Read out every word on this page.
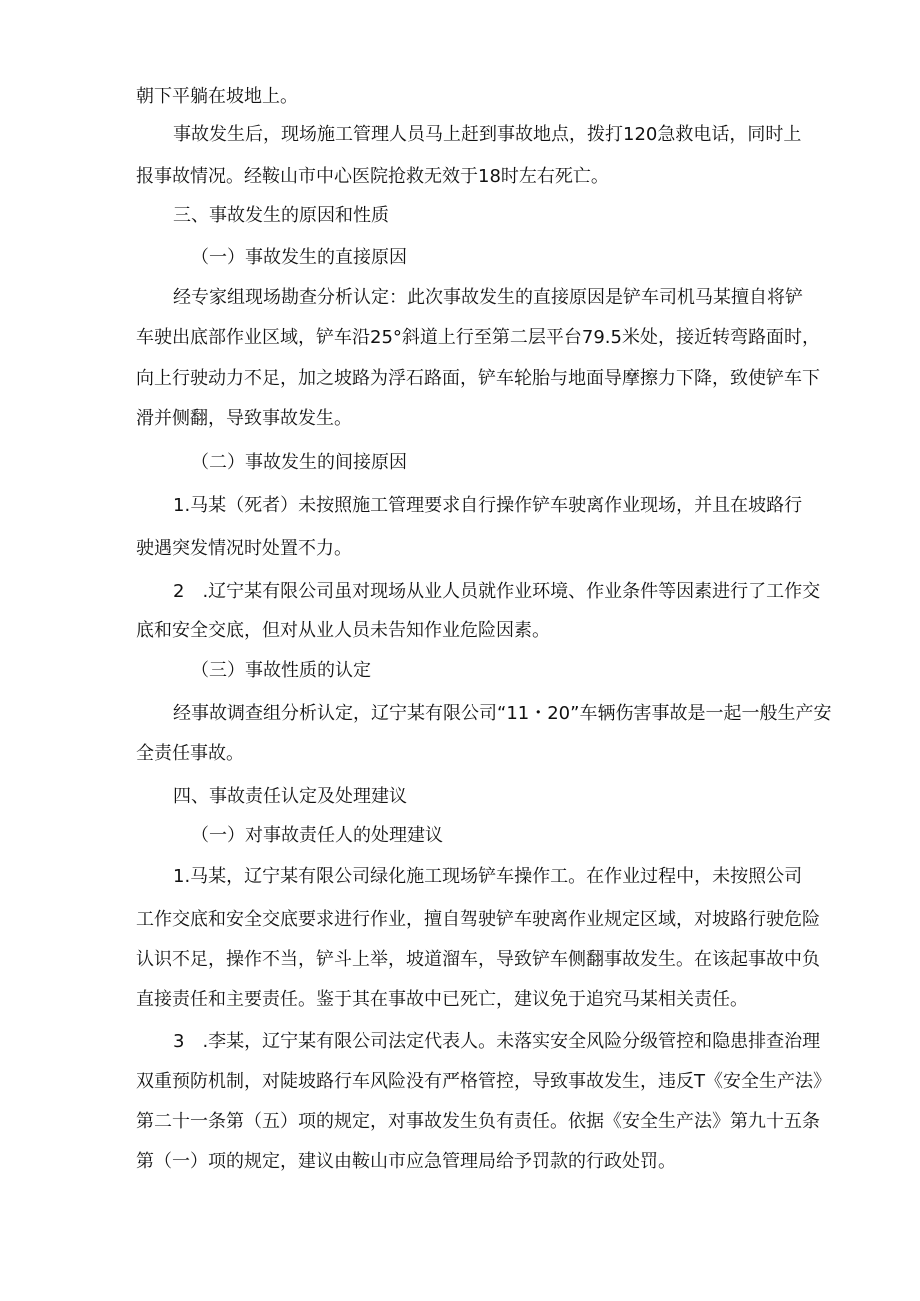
朝下平躺在坡地上。
事故发生后，现场施工管理人员马上赶到事故地点，拨打120急救电话，同时上
报事故情况。经鞍山市中心医院抢救无效于18时左右死亡。
三、事故发生的原因和性质
（一）事故发生的直接原因
经专家组现场勘查分析认定：此次事故发生的直接原因是铲车司机马某擅自将铲
车驶出底部作业区域，铲车沿25°斜道上行至第二层平台79.5米处，接近转弯路面时，
向上行驶动力不足，加之坡路为浮石路面，铲车轮胎与地面导摩擦力下降，致使铲车下
滑并侧翻，导致事故发生。
（二）事故发生的间接原因
1.马某（死者）未按照施工管理要求自行操作铲车驶离作业现场，并且在坡路行
驶遇突发情况时处置不力。
2　.辽宁某有限公司虽对现场从业人员就作业环境、作业条件等因素进行了工作交
底和安全交底，但对从业人员未告知作业危险因素。
（三）事故性质的认定
经事故调查组分析认定，辽宁某有限公司“11・20”车辆伤害事故是一起一般生产安
全责任事故。
四、事故责任认定及处理建议
（一）对事故责任人的处理建议
1.马某，辽宁某有限公司绿化施工现场铲车操作工。在作业过程中，未按照公司
工作交底和安全交底要求进行作业，擅自驾驶铲车驶离作业规定区域，对坡路行驶危险
认识不足，操作不当，铲斗上举，坡道溜车，导致铲车侧翻事故发生。在该起事故中负
直接责任和主要责任。鉴于其在事故中已死亡，建议免于追究马某相关责任。
3　.李某，辽宁某有限公司法定代表人。未落实安全风险分级管控和隐患排查治理
双重预防机制，对陡坡路行车风险没有严格管控，导致事故发生，违反T《安全生产法》
第二十一条第（五）项的规定，对事故发生负有责任。依据《安全生产法》第九十五条
第（一）项的规定，建议由鞍山市应急管理局给予罚款的行政处罚。
